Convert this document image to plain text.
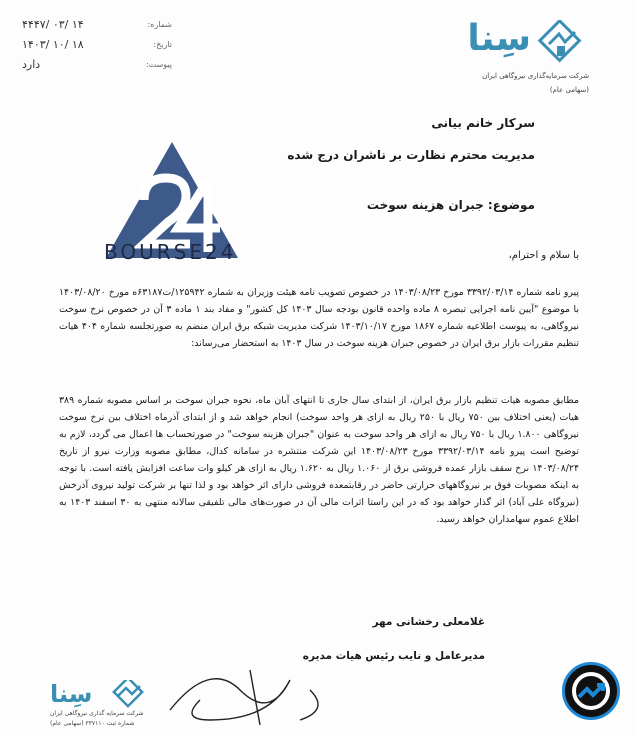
۴۴۴۷/ ۰۳/ ۱۴	شماره:
۱۴۰۳/ ۱۰/ ۱۸	تاریخ:
دارد	پیوست:
سِنا
شرکت سرمایه‌گذاری نیروگاهی ایران
(سهامی عام)
سرکار خانم بیانی
مدیریت محترم نظارت بر ناشران درج شده
موضوع: جبران هزینه سوخت
BOURSE24	با سلام و احترام،
پیرو نامه شماره ۳۳۹۲/۰۳/۱۴ مورخ ۱۴۰۳/۰۸/۲۳ در خصوص تصویب نامه هیئت وزیران به شماره ۱۲۵۹۴۲/ت۶۳۱۸۷ه مورخ ۱۴۰۳/۰۸/۲۰ با موضوع "آیین نامه اجرایی تبصره ۸ ماده واحده قانون بودجه سال ۱۴۰۳ کل کشور" و مفاد بند ۱ ماده ۳ آن در خصوص نرخ سوخت نیروگاهی، به پیوست اطلاعیه شماره ۱۸۶۷ مورخ ۱۴۰۳/۱۰/۱۷ شرکت مدیریت شبکه برق ایران منضم به صورتجلسه شماره ۴۰۴ هیات تنظیم مقررات بازار برق ایران در خصوص جبران هزینه سوخت در سال ۱۴۰۳ به استحضار می‌رساند:
مطابق مصوبه هیات تنظیم بازار برق ایران، از ابتدای سال جاری تا انتهای آبان ماه، نحوه جبران سوخت بر اساس مصوبه شماره ۳۸۹ هیات (یعنی اختلاف بین ۷۵۰ ریال با ۲۵۰ ریال به ازای هر واحد سوخت) انجام خواهد شد و از ابتدای آذرماه اختلاف بین نرخ سوخت نیروگاهی ۱.۸۰۰ ریال با ۷۵۰ ریال به ازای هر واحد سوخت به عنوان "جبران هزینه سوخت" در صورتحساب ها اعمال می گردد، لازم به توضیح است پیرو نامه ۳۳۹۲/۰۳/۱۴ مورخ ۱۴۰۳/۰۸/۲۳ این شرکت منتشره در سامانه کدال، مطابق مصوبه وزارت نیرو از تاریخ ۱۴۰۳/۰۸/۲۴ نرخ سقف بازار عمده فروشی برق از ۱.۰۶۰ ریال به ۱.۶۲۰ ریال به ازای هر کیلو وات ساعت افزایش یافته است. با توجه به اینکه مصوبات فوق بر نیروگاههای حرارتی حاضر در رقابتمعده فروشی دارای اثر خواهد بود و لذا تنها بر شرکت تولید نیروی آذرخش (نیروگاه علی آباد) اثر گذار خواهد بود که در این راستا اثرات مالی آن در صورت‌های مالی تلفیقی سالانه منتهی به ۳۰ اسفند ۱۴۰۳ به اطلاع عموم سهامداران خواهد رسید.
غلامعلی رخشانی مهر
مدیرعامل و نایب رئیس هیات مدیره
سِنا
شرکت سرمایه گذاری نیروگاهی ایران
شماره ثبت ۳۳۷۱۱۰ (سهامی عام)
